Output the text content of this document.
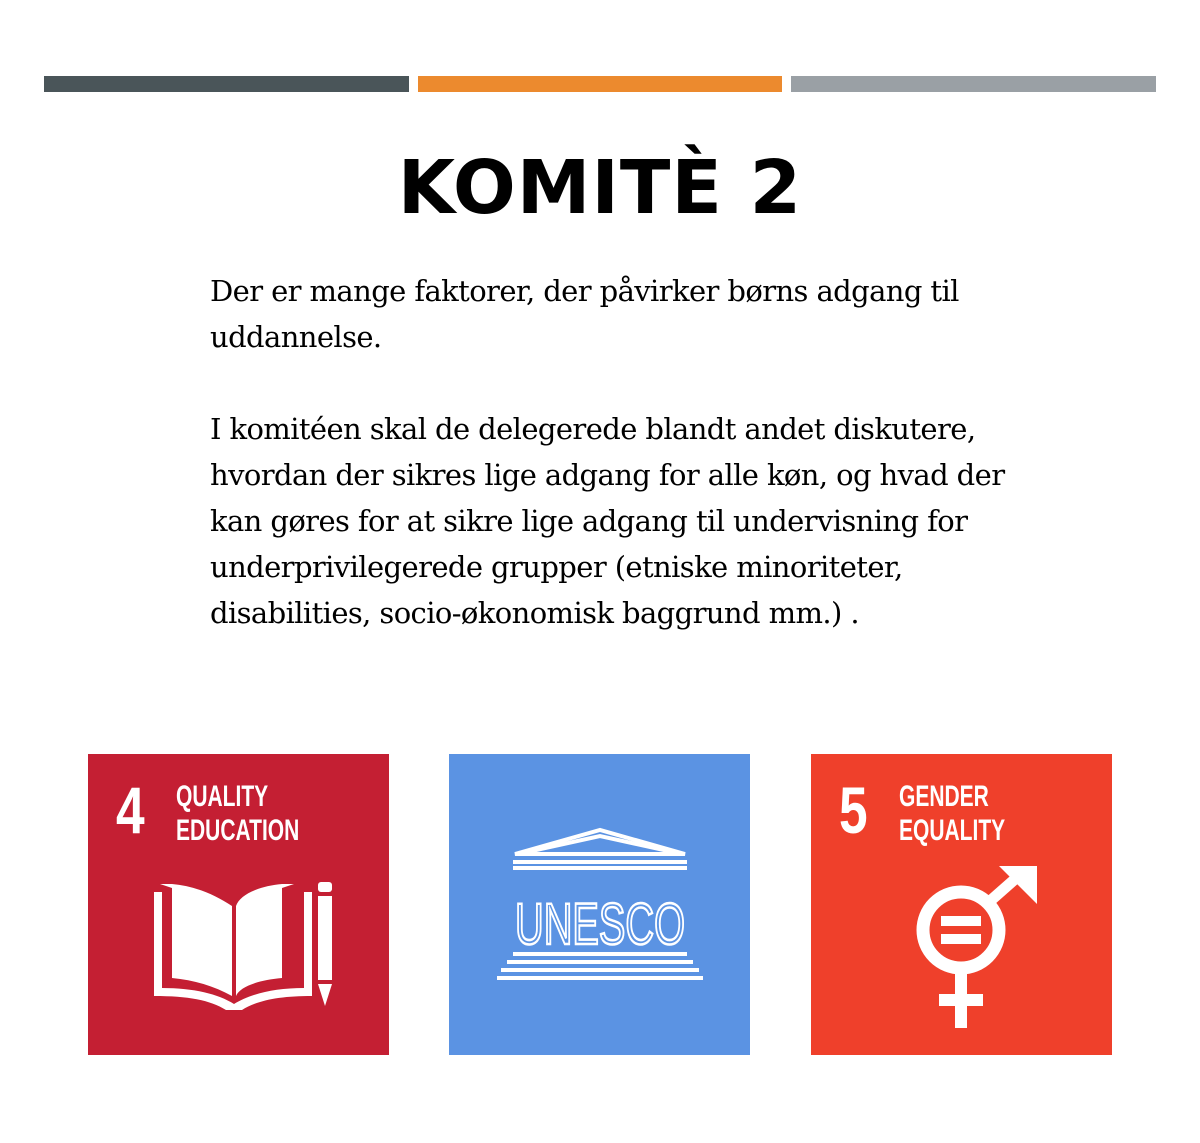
KOMITÈ 2

Der er mange faktorer, der påvirker børns adgang til uddannelse.

I komitéen skal de delegerede blandt andet diskutere, hvordan der sikres lige adgang for alle køn, og hvad der kan gøres for at sikre lige adgang til undervisning for underprivilegerede grupper (etniske minoriteter, disabilities, socio-økonomisk baggrund mm.) .

4 QUALITY
EDUCATION
UNESCO
5 GENDER
EQUALITY
